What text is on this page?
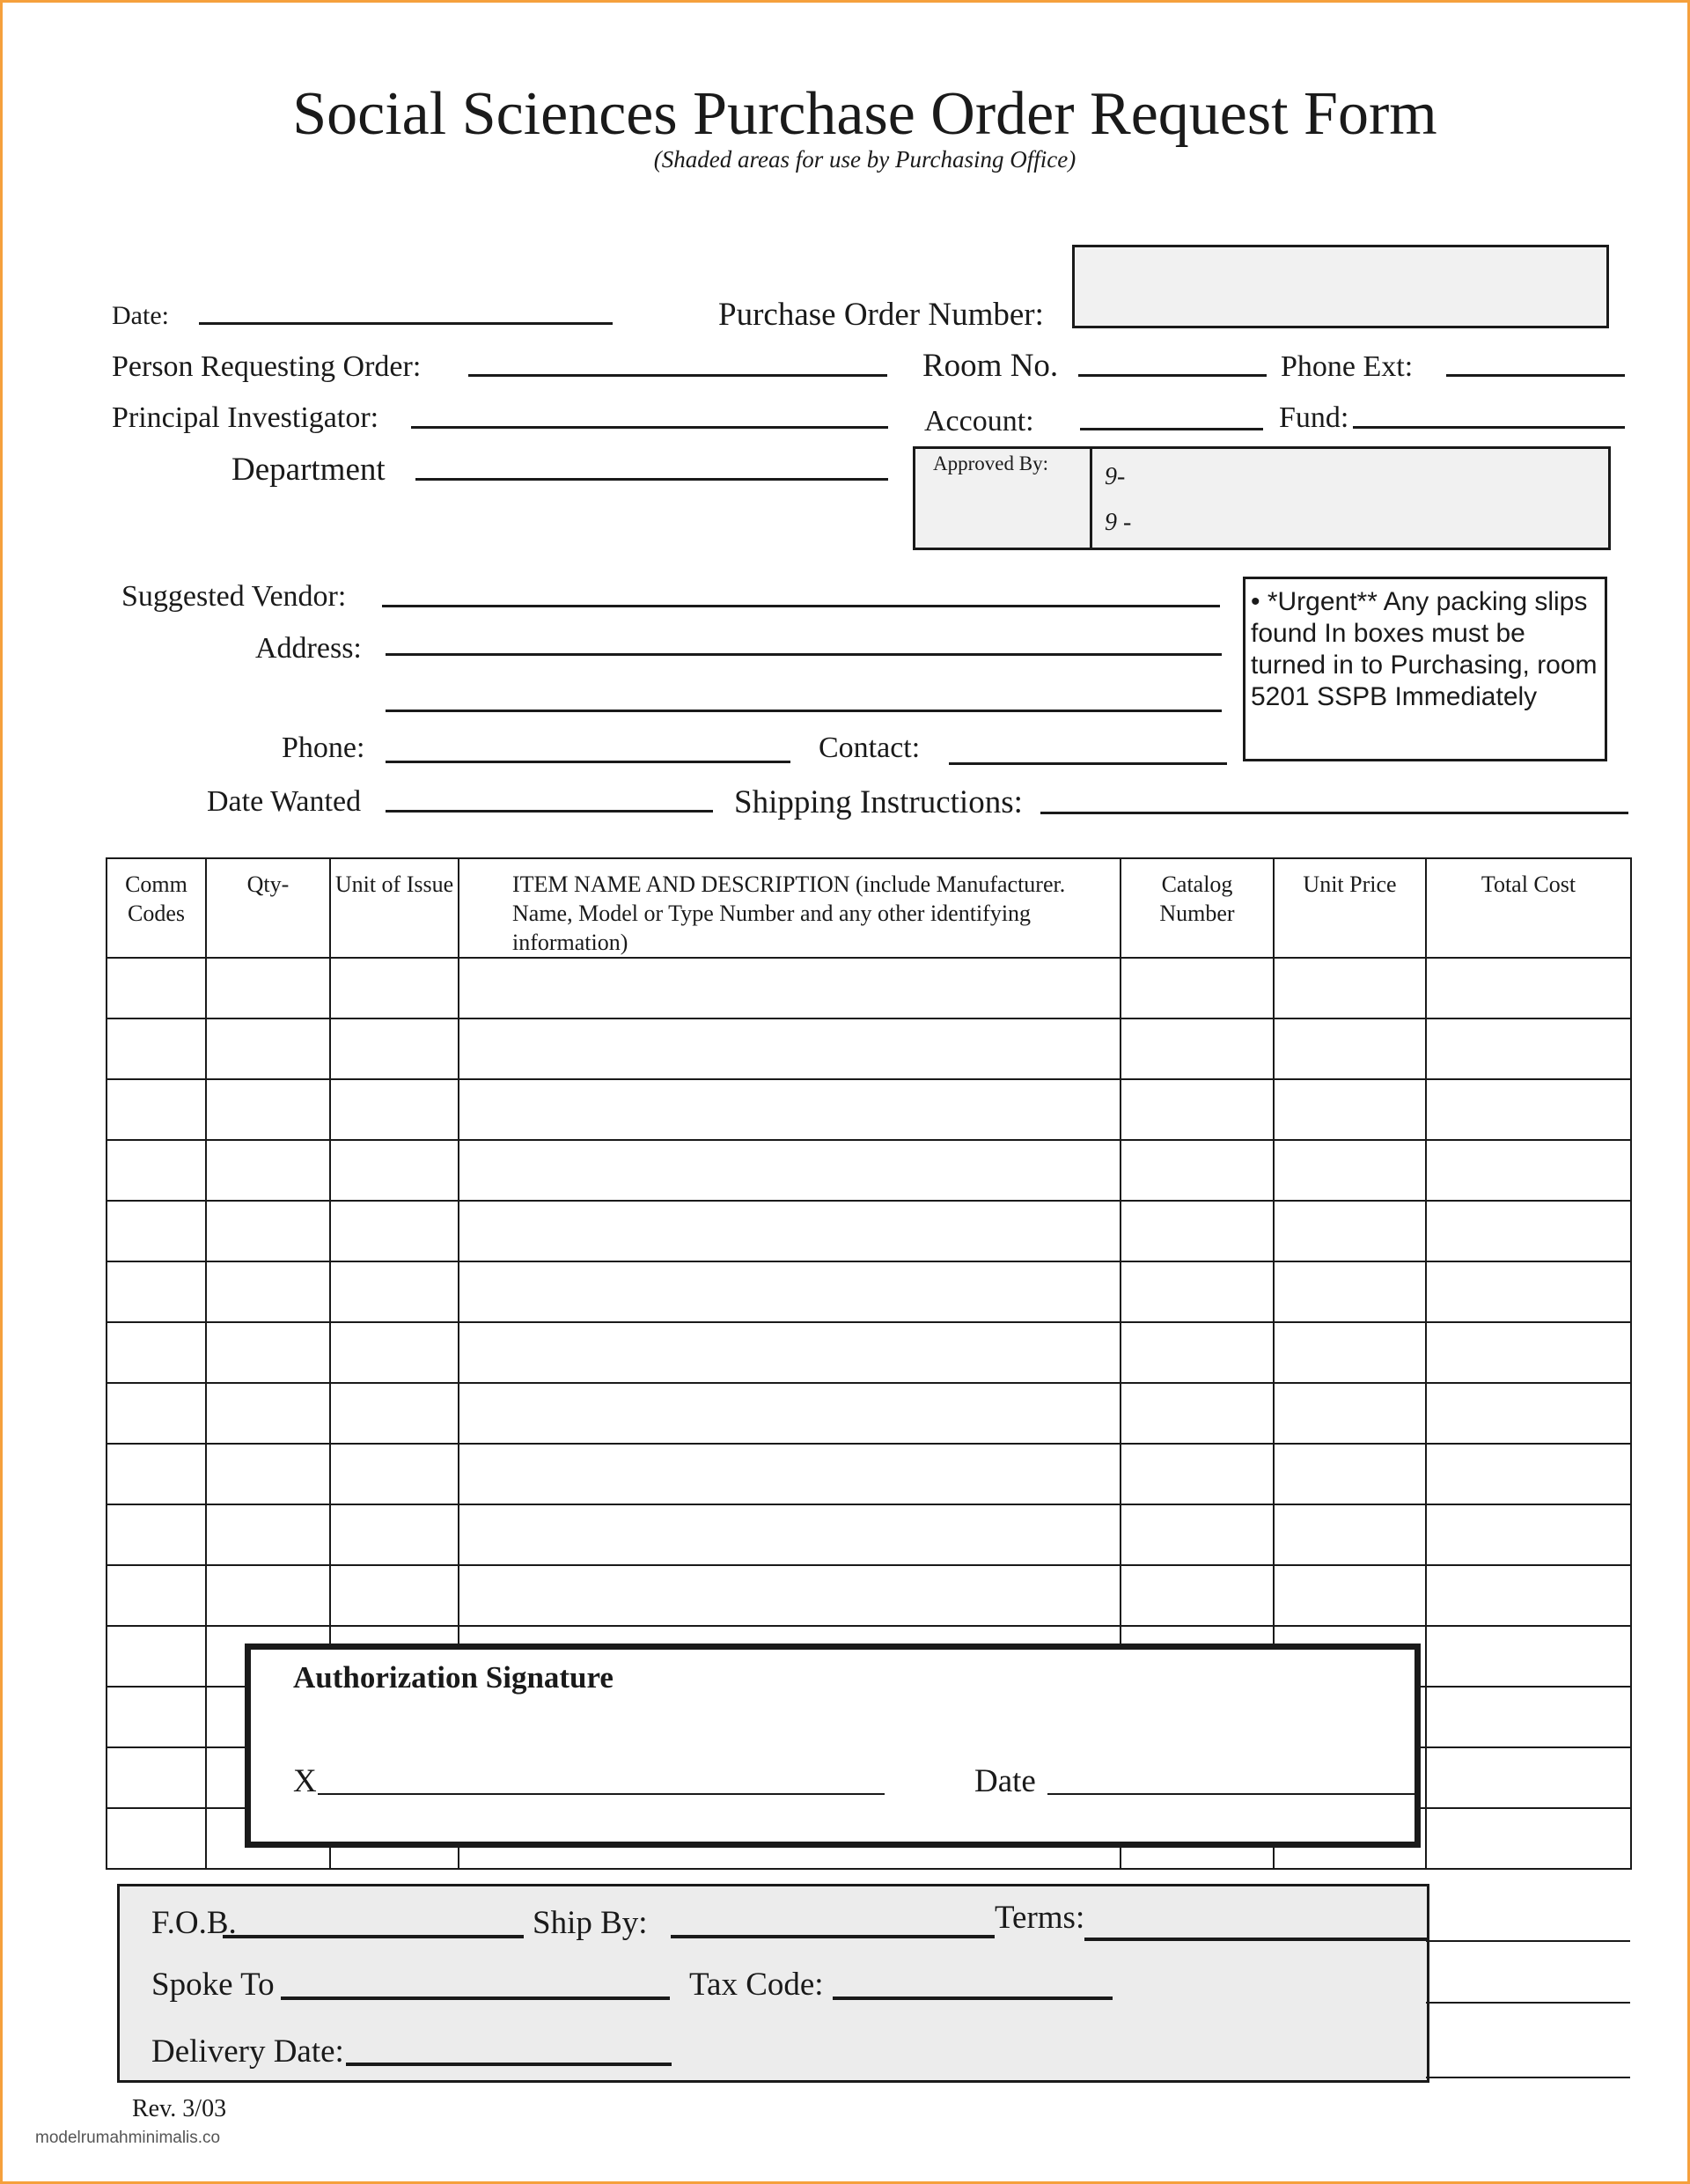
Social Sciences Purchase Order Request Form
(Shaded areas for use by Purchasing Office)
Date:	Purchase Order Number:
Person Requesting Order:	Room No.	Phone Ext:
Principal Investigator:	Account:	Fund:
Department	Approved By: 9-
9 -
Suggested Vendor:
Address:
Phone:	Contact:
Date Wanted	Shipping Instructions:
• *Urgent** Any packing slips
found In boxes must be
turned in to Purchasing, room
5201 SSPB Immediately
Comm Codes	Qty-	Unit of Issue	ITEM NAME AND DESCRIPTION (include Manufacturer. Name, Model or Type Number and any other identifying information)	Catalog Number	Unit Price	Total Cost

Authorization Signature
X	Date
F.O.B.	Ship By:	Terms:
Spoke To	Tax Code:
Delivery Date:
Rev. 3/03
modelrumahminimalis.co
